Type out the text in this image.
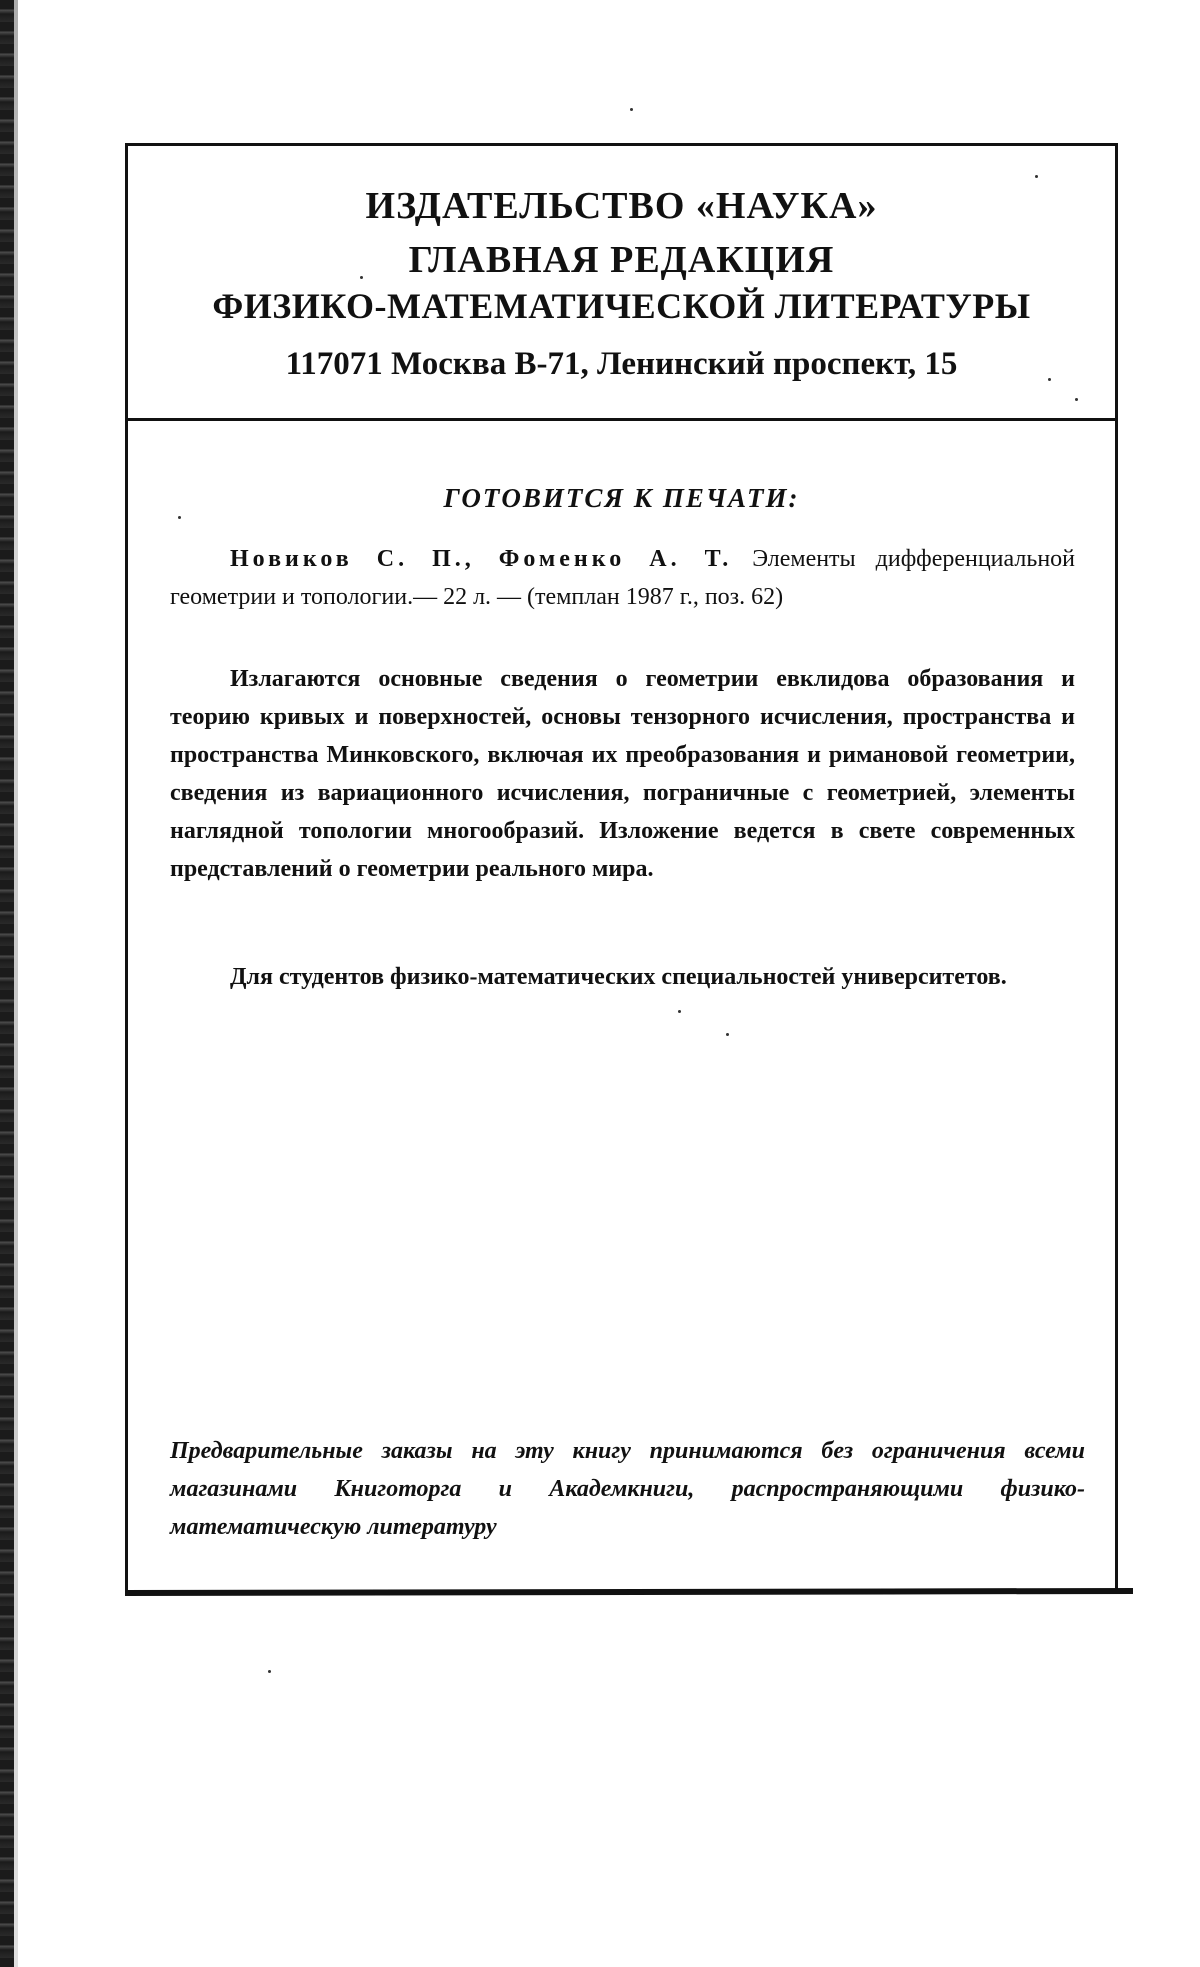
ИЗДАТЕЛЬСТВО «НАУКА»
ГЛАВНАЯ РЕДАКЦИЯ
ФИЗИКО-МАТЕМАТИЧЕСКОЙ ЛИТЕРАТУРЫ
117071 Москва В-71, Ленинский проспект, 15
ГОТОВИТСЯ К ПЕЧАТИ:
Новиков С. П., Фоменко А. Т. Элементы дифференциальной геометрии и топологии.— 22 л. — (темплан 1987 г., поз. 62)
Излагаются основные сведения о геометрии евклидова образования и теорию кривых и поверхностей, основы тензорного исчисления, пространства и пространства Минковского, включая их преобразования и римановой геометрии, сведения из вариационного исчисления, пограничные с геометрией, элементы наглядной топологии многообразий. Изложение ведется в свете современных представлений о геометрии реального мира.
Для студентов физико-математических специальностей университетов.
Предварительные заказы на эту книгу принимаются без ограничения всеми магазинами Книготорга и Академкниги, распространяющими физико-математическую литературу
